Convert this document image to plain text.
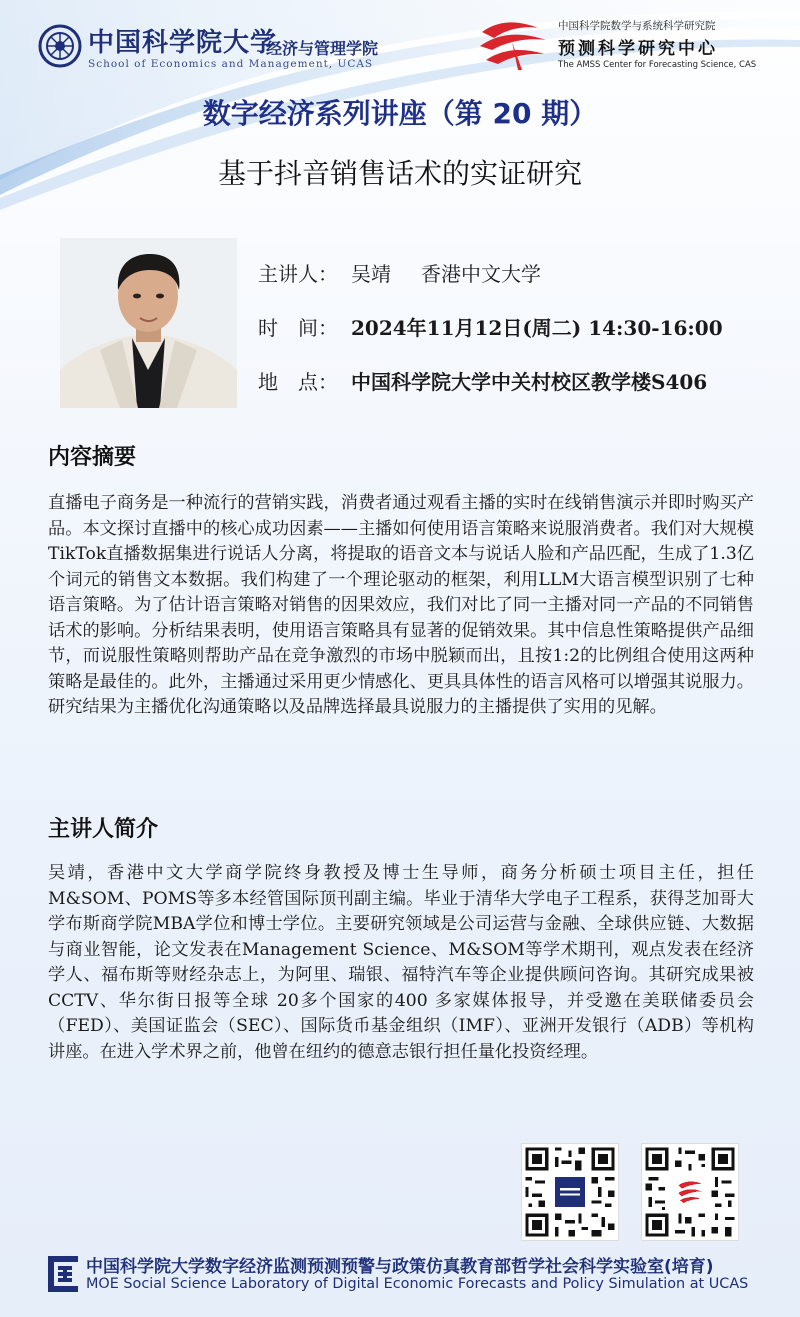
中国科学院大学
经济与管理学院
School of Economics and Management, UCAS
中国科学院数学与系统科学研究院
预测科学研究中心
The AMSS Center for Forecasting Science, CAS
数字经济系列讲座（第 20 期）
基于抖音销售话术的实证研究
主讲人： 吴靖 香港中文大学
时　间： 2024年11月12日(周二) 14:30-16:00
地　点： 中国科学院大学中关村校区教学楼S406
内容摘要
直播电子商务是一种流行的营销实践，消费者通过观看主播的实时在线销售演示并即时购买产品。本文探讨直播中的核心成功因素——主播如何使用语言策略来说服消费者。我们对大规模TikTok直播数据集进行说话人分离，将提取的语音文本与说话人脸和产品匹配，生成了1.3亿个词元的销售文本数据。我们构建了一个理论驱动的框架，利用LLM大语言模型识别了七种语言策略。为了估计语言策略对销售的因果效应，我们对比了同一主播对同一产品的不同销售话术的影响。分析结果表明，使用语言策略具有显著的促销效果。其中信息性策略提供产品细节，而说服性策略则帮助产品在竞争激烈的市场中脱颖而出，且按1:2的比例组合使用这两种策略是最佳的。此外，主播通过采用更少情感化、更具具体性的语言风格可以增强其说服力。研究结果为主播优化沟通策略以及品牌选择最具说服力的主播提供了实用的见解。
主讲人简介
吴靖，香港中文大学商学院终身教授及博士生导师，商务分析硕士项目主任，担任M&SOM、POMS等多本经管国际顶刊副主编。毕业于清华大学电子工程系，获得芝加哥大学布斯商学院MBA学位和博士学位。主要研究领域是公司运营与金融、全球供应链、大数据与商业智能，论文发表在Management Science、M&SOM等学术期刊，观点发表在经济学人、福布斯等财经杂志上，为阿里、瑞银、福特汽车等企业提供顾问咨询。其研究成果被CCTV、华尔街日报等全球 20多个国家的400 多家媒体报导，并受邀在美联储委员会（FED）、美国证监会（SEC）、国际货币基金组织（IMF）、亚洲开发银行（ADB）等机构讲座。在进入学术界之前，他曾在纽约的德意志银行担任量化投资经理。
中国科学院大学数字经济监测预测预警与政策仿真教育部哲学社会科学实验室(培育)
MOE Social Science Laboratory of Digital Economic Forecasts and Policy Simulation at UCAS
